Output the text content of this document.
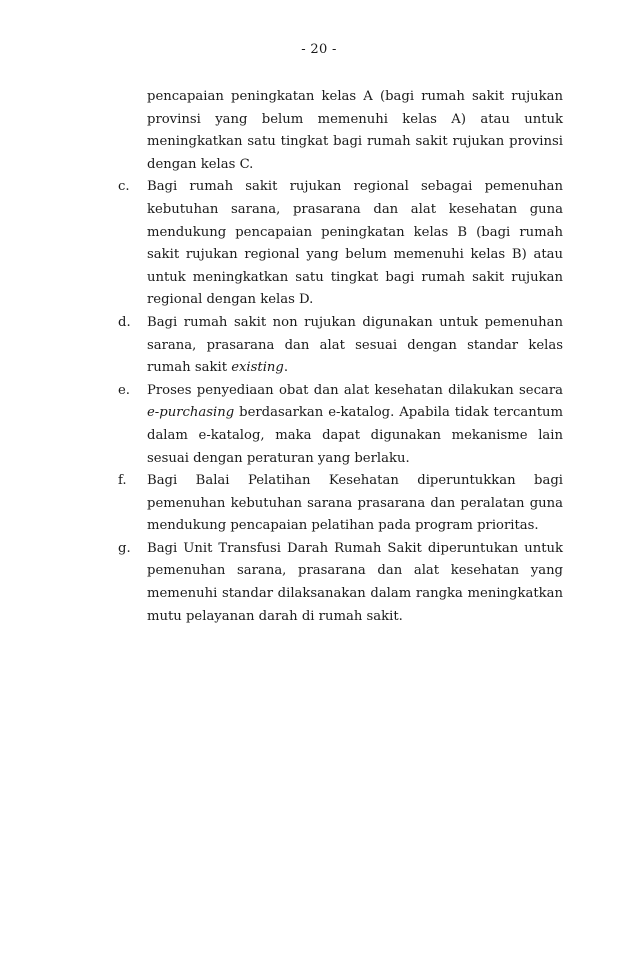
- 20 -

pencapaian peningkatan kelas A (bagi rumah sakit rujukan provinsi yang belum memenuhi kelas A) atau untuk meningkatkan satu tingkat bagi rumah sakit rujukan provinsi dengan kelas C.

c.	Bagi rumah sakit rujukan regional sebagai pemenuhan kebutuhan sarana, prasarana dan alat kesehatan guna mendukung pencapaian peningkatan kelas B (bagi rumah sakit rujukan regional yang belum memenuhi kelas B) atau untuk meningkatkan satu tingkat bagi rumah sakit rujukan regional dengan kelas D.

d.	Bagi rumah sakit non rujukan digunakan untuk pemenuhan sarana, prasarana dan alat sesuai dengan standar kelas rumah sakit existing.

e.	Proses penyediaan obat dan alat kesehatan dilakukan secara e-purchasing berdasarkan e-katalog. Apabila tidak tercantum dalam e-katalog, maka dapat digunakan mekanisme lain sesuai dengan peraturan yang berlaku.

f.	Bagi Balai Pelatihan Kesehatan diperuntukkan bagi pemenuhan kebutuhan sarana prasarana dan peralatan guna mendukung pencapaian pelatihan pada program prioritas.

g.	Bagi Unit Transfusi Darah Rumah Sakit diperuntukan untuk pemenuhan sarana, prasarana dan alat kesehatan yang memenuhi standar dilaksanakan dalam rangka meningkatkan mutu pelayanan darah di rumah sakit.
